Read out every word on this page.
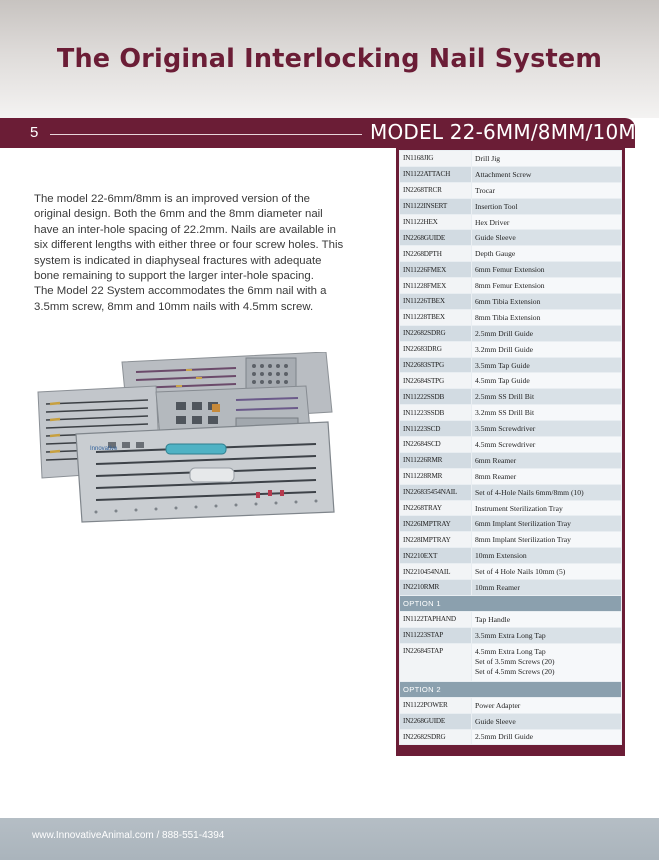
The Original Interlocking Nail System
5	MODEL 22-6MM/8MM/10MM

The model 22-6mm/8mm is an improved version of the original design. Both the 6mm and the 8mm diameter nail have an inter-hole spacing of 22.2mm. Nails are available in six different lengths with either three or four screw holes. This system is indicated in diaphyseal fractures with adequate bone remaining to support the larger inter-hole spacing.

The Model 22 System accommodates the 6mm nail with a 3.5mm screw, 8mm and 10mm nails with 4.5mm screw.

Innovative
IN1168JIG	Drill Jig
IN1122ATTACH	Attachment Screw
IN2268TRCR	Trocar
IN1122INSERT	Insertion Tool
IN1122HEX	Hex Driver
IN2268GUIDE	Guide Sleeve
IN2268DPTH	Depth Gauge
IN11226FMEX	6mm Femur Extension
IN11228FMEX	8mm Femur Extension
IN11226TBEX	6mm Tibia Extension
IN11228TBEX	8mm Tibia Extension
IN22682SDRG	2.5mm Drill Guide
IN22683DRG	3.2mm Drill Guide
IN22683STPG	3.5mm Tap Guide
IN22684STPG	4.5mm Tap Guide
IN11222SSDB	2.5mm SS Drill Bit
IN11223SSDB	3.2mm SS Drill Bit
IN11223SCD	3.5mm Screwdriver
IN22684SCD	4.5mm Screwdriver
IN11226RMR	6mm Reamer
IN11228RMR	8mm Reamer
IN226835454NAIL	Set of 4-Hole Nails 6mm/8mm (10)
IN2268TRAY	Instrument Sterilization Tray
IN226IMPTRAY	6mm Implant Sterilization Tray
IN228IMPTRAY	8mm Implant Sterilization Tray
IN2210EXT	10mm Extension
IN2210454NAIL	Set of 4 Hole Nails 10mm (5)
IN2210RMR	10mm Reamer
OPTION 1	
IN1122TAPHAND	Tap Handle
IN11223STAP	3.5mm Extra Long Tap
IN226845TAP	4.5mm Extra Long Tap
Set of 3.5mm Screws (20)
Set of 4.5mm Screws (20)

OPTION 2	
IN1122POWER	Power Adapter
IN2268GUIDE	Guide Sleeve
IN22682SDRG	2.5mm Drill Guide
www.InnovativeAnimal.com / 888-551-4394
